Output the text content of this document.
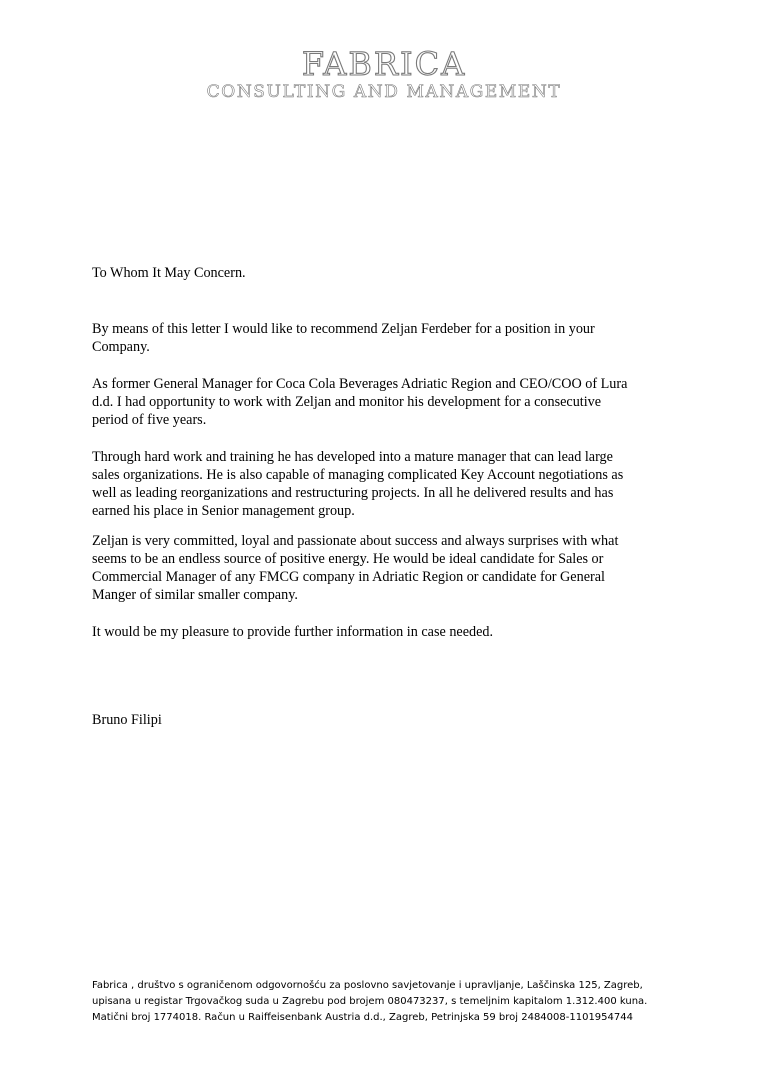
FABRICA
CONSULTING AND MANAGEMENT

To Whom It May Concern.

By means of this letter I would like to recommend Zeljan Ferdeber for a position in your
Company.

As former General Manager for Coca Cola Beverages Adriatic Region and CEO/COO of Lura
d.d. I had opportunity to work with Zeljan and monitor his development for a consecutive
period of five years.

Through hard work and training he has developed into a mature manager that can lead large
sales organizations. He is also capable of managing complicated Key Account negotiations as
well as leading reorganizations and restructuring projects. In all he delivered results and has
earned his place in Senior management group.

Zeljan is very committed, loyal and passionate about success and always surprises with what
seems to be an endless source of positive energy. He would be ideal candidate for Sales or
Commercial Manager of any FMCG company in Adriatic Region or candidate for General
Manger of similar smaller company.

It would be my pleasure to provide further information in case needed.

Bruno Filipi

Fabrica , društvo s ograničenom odgovornošću za poslovno savjetovanje i upravljanje, Laščinska 125, Zagreb,
upisana u registar Trgovačkog suda u Zagrebu pod brojem 080473237, s temeljnim kapitalom 1.312.400 kuna.
Matični broj 1774018. Račun u Raiffeisenbank Austria d.d., Zagreb, Petrinjska 59 broj 2484008-1101954744
